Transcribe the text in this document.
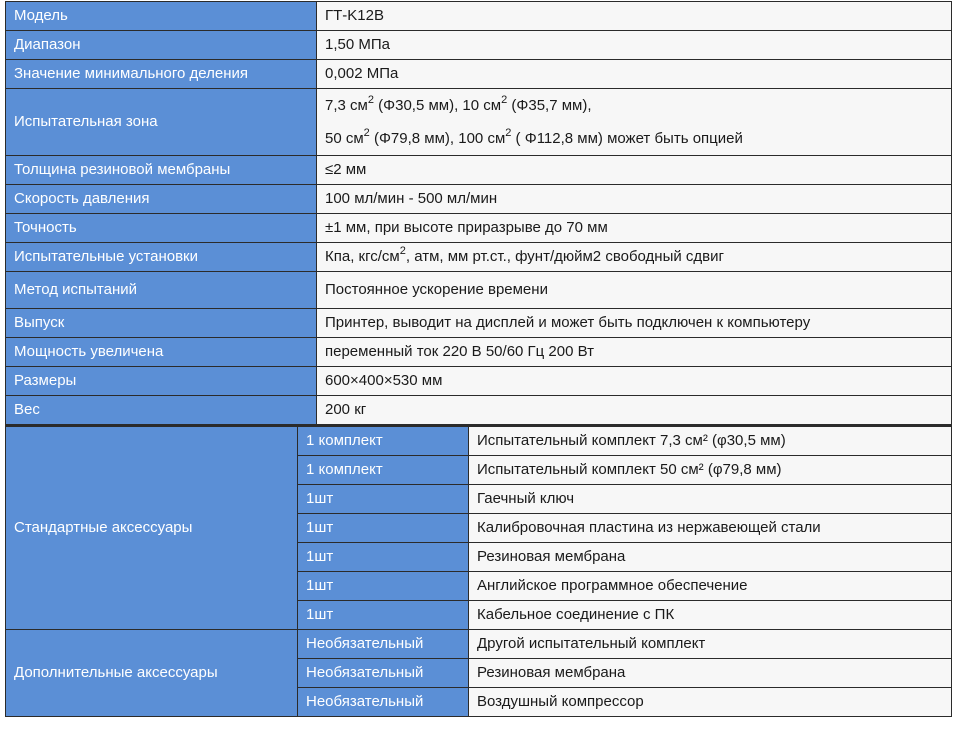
Модель	ГТ-K12B
Диапазон	1,50 МПа
Значение минимального деления	0,002 МПа
Испытательная зона	7,3 $см^2$ (Φ30,5 мм), 10 $см^2$ (Φ35,7 мм),
50 $см^2$ (Φ79,8 мм), 100 $см^2$ ( Φ112,8 мм) может быть опцией

Толщина резиновой мембраны	≤2 мм
Скорость давления	100 мл/мин - 500 мл/мин
Точность	±1 мм, при высоте приразрыве до 70 мм
Испытательные установки	Кпа, кгс/$см^2$, атм, мм рт.ст., фунт/дюйм2 свободный сдвиг
Метод испытаний	Постоянное ускорение времени
Выпуск	Принтер, выводит на дисплей и может быть подключен к компьютеру
Мощность увеличена	переменный ток 220 В 50/60 Гц 200 Вт
Размеры	600×400×530 мм
Вес	200 кг
Стандартные аксессуары	1 комплект	Испытательный комплект 7,3 см² (φ30,5 мм)
	1 комплект	Испытательный комплект 50 см² (φ79,8 мм)
	1шт	Гаечный ключ
	1шт	Калибровочная пластина из нержавеющей стали
	1шт	Резиновая мембрана
	1шт	Английское программное обеспечение
	1шт	Кабельное соединение с ПК
Дополнительные аксессуары	Необязательный	Другой испытательный комплект
	Необязательный	Резиновая мембрана
	Необязательный	Воздушный компрессор
